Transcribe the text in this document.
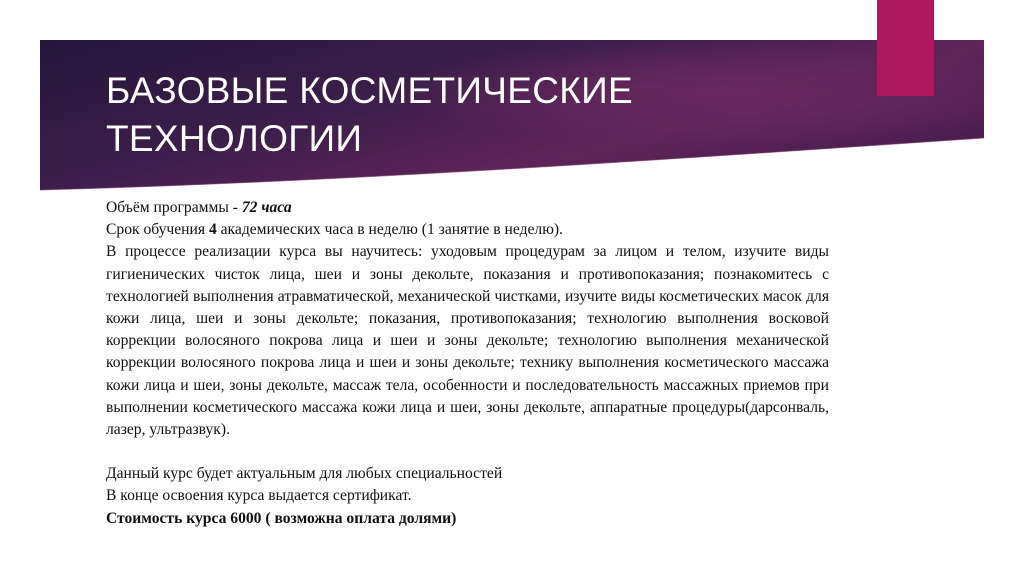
БАЗОВЫЕ КОСМЕТИЧЕСКИЕ
ТЕХНОЛОГИИ

Объём программы - 72 часа

Срок обучения 4 академических часа в неделю (1 занятие в неделю).

В процессе реализации курса вы научитесь: уходовым процедурам за лицом и телом, изучите виды гигиенических чисток лица, шеи и зоны декольте, показания и противопоказания; познакомитесь с технологией выполнения атравматической, механической чистками, изучите виды косметических масок для кожи лица, шеи и зоны декольте; показания, противопоказания; технологию выполнения восковой коррекции волосяного покрова лица и шеи и зоны декольте; технологию выполнения механической коррекции волосяного покрова лица и шеи и зоны декольте; технику выполнения косметического массажа кожи лица и шеи, зоны декольте, массаж тела, особенности и последовательность массажных приемов при выполнении косметического массажа кожи лица и шеи, зоны декольте, аппаратные процедуры(дарсонваль, лазер, ультразвук).

Данный курс будет актуальным для любых специальностей

В конце освоения курса выдается сертификат.

Стоимость курса 6000 ( возможна оплата долями)
